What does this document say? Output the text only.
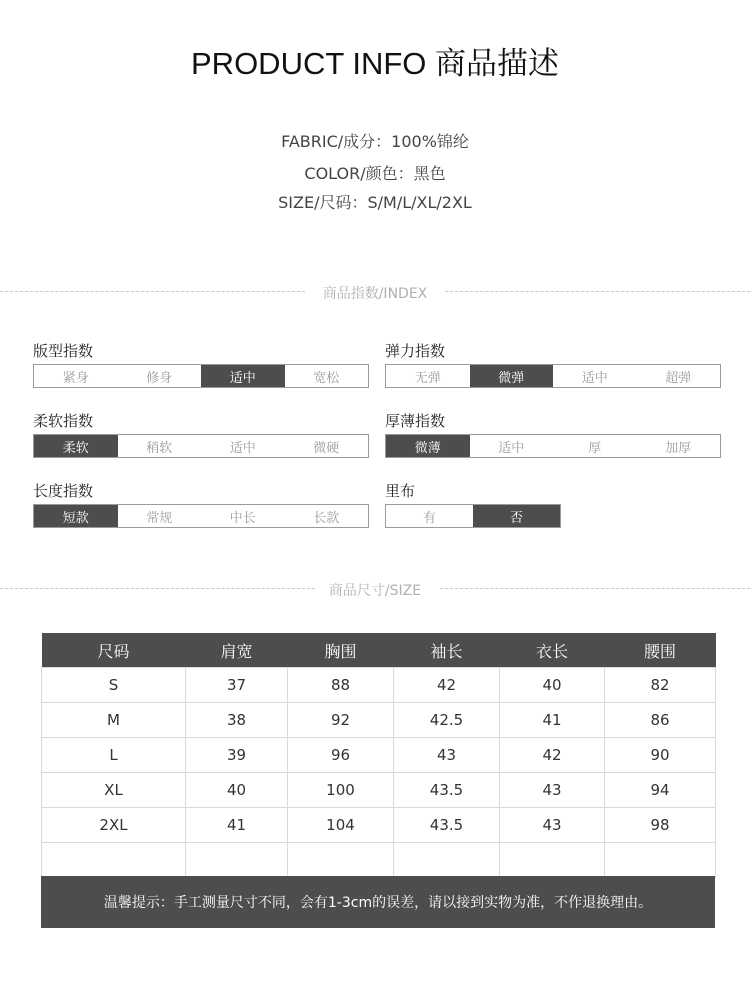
PRODUCT INFO 商品描述
FABRIC/成分：100%锦纶
COLOR/颜色：黑色
SIZE/尺码：S/M/L/XL/2XL
商品指数/INDEX
版型指数
紧身	修身	适中	宽松
弹力指数
无弹	微弹	适中	超弹
柔软指数
柔软	稍软	适中	微硬
厚薄指数
微薄	适中	厚	加厚
长度指数
短款	常规	中长	长款
里布
有	否
商品尺寸/SIZE
尺码	肩宽	胸围	袖长	衣长	腰围
S	37	88	42	40	82
M	38	92	42.5	41	86
L	39	96	43	42	90
XL	40	100	43.5	43	94
2XL	41	104	43.5	43	98

温馨提示：手工测量尺寸不同，会有1-3cm的误差，请以接到实物为准，不作退换理由。
